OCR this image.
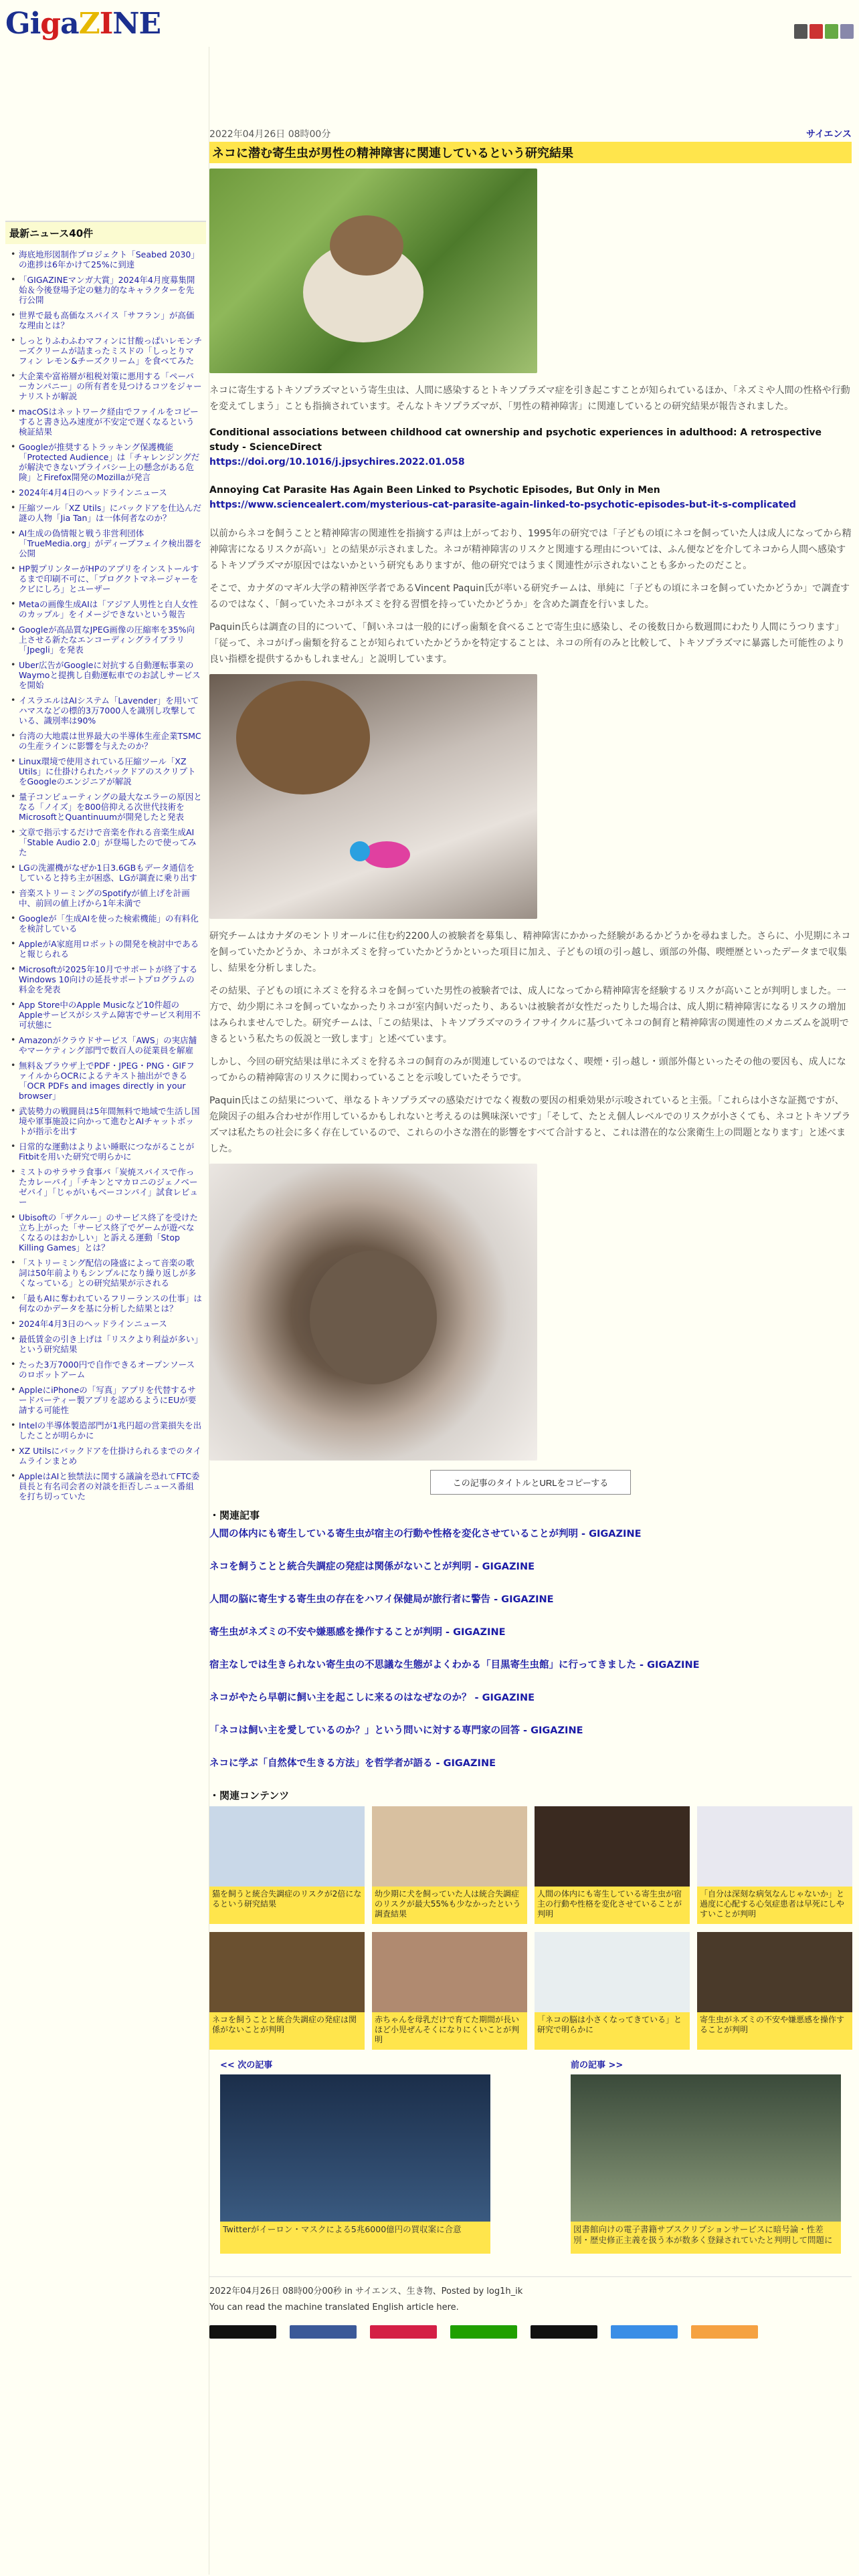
GigaZINE
最新ニュース40件
• 海底地形図制作プロジェクト「Seabed 2030」の進捗は6年かけて25%に到達
• 「GIGAZINEマンガ大賞」2024年4月度募集開始＆今後登場予定の魅力的なキャラクターを先行公開
• 世界で最も高価なスパイス「サフラン」が高価な理由とは？
• しっとりふわふわマフィンに甘酸っぱいレモンチーズクリームが詰まったミスドの「しっとりマフィン レモン&チーズクリーム」を食べてみた
• 大企業や富裕層が租税対策に悪用する「ペーパーカンパニー」の所有者を見つけるコツをジャーナリストが解説
• macOSはネットワーク経由でファイルをコピーすると書き込み速度が不安定で遅くなるという検証結果
• Googleが推奨するトラッキング保護機能「Protected Audience」は「チャレンジングだが解決できないプライバシー上の懸念がある危険」とFirefox開発のMozillaが発言
• 2024年4月4日のヘッドラインニュース
• 圧縮ツール「XZ Utils」にバックドアを仕込んだ謎の人物「Jia Tan」は一体何者なのか？
• AI生成の偽情報と戦う非営利団体「TrueMedia.org」がディープフェイク検出器を公開
• HP製プリンターがHPのアプリをインストールするまで印刷不可に、「プログクトマネージャーをクビにしろ」とユーザー
• Metaの画像生成AIは「アジア人男性と白人女性のカップル」をイメージできないという報告
• Googleが高品質なJPEG画像の圧縮率を35%向上させる新たなエンコーディングライブラリ「Jpegli」を発表
• Uber広告がGoogleに対抗する自動運転事業のWaymoと提携し自動運転車でのお試しサービスを開始
• イスラエルはAIシステム「Lavender」を用いてハマスなどの標的3万7000人を識別し攻撃している、識別率は90%
• 台湾の大地震は世界最大の半導体生産企業TSMCの生産ラインに影響を与えたのか？
• Linux環境で使用されている圧縮ツール「XZ Utils」に仕掛けられたバックドアのスクリプトをGoogleのエンジニアが解説
• 量子コンピューティングの最大なエラーの原因となる「ノイズ」を800倍抑える次世代技術をMicrosoftとQuantinuumが開発したと発表
• 文章で指示するだけで音楽を作れる音楽生成AI「Stable Audio 2.0」が登場したので使ってみた
• LGの洗濯機がなぜか1日3.6GBもデータ通信をしていると持ち主が困惑、LGが調査に乗り出す
• 音楽ストリーミングのSpotifyが値上げを計画中、前回の値上げから1年未満で
• Googleが「生成AIを使った検索機能」の有料化を検討している
• AppleがA家庭用ロボットの開発を検討中であると報じられる
• Microsoftが2025年10月でサポートが終了するWindows 10向けの延長サポートプログラムの料金を発表
• App Store中のApple Musicなど10件超のAppleサービスがシステム障害でサービス利用不可状態に
• Amazonがクラウドサービス「AWS」の実店舗やマーケティング部門で数百人の従業員を解雇
• 無料＆ブラウザ上でPDF・JPEG・PNG・GIFファイルからOCRによるテキスト抽出ができる「OCR PDFs and images directly in your browser」
• 武装勢力の戦闘員は5年間無料で地域で生活し国境や軍事施設に向かって進むとAIチャットボットが指示を出す
• 日常的な運動はよりよい睡眠につながることがFitbitを用いた研究で明らかに
• ミストのサラサラ食事パ「炭焼スパイスで作ったカレーパイ」「チキンとマカロニのジェノベーゼパイ」「じゃがいもベーコンパイ」試食レビュー
• Ubisoftの「ザクルー」のサービス終了を受けた立ち上がった「サービス終了でゲームが遊べなくなるのはおかしい」と訴える運動「Stop Killing Games」とは？
• 「ストリーミング配信の隆盛によって音楽の歌詞は50年前よりもシンプルになり繰り返しが多くなっている」との研究結果が示される
• 「最もAIに奪われているフリーランスの仕事」は何なのかデータを基に分析した結果とは？
• 2024年4月3日のヘッドラインニュース
• 最低賃金の引き上げは「リスクより利益が多い」という研究結果
• たった3万7000円で自作できるオープンソースのロボットアーム
• AppleにiPhoneの「写真」アプリを代替するサードパーティー製アプリを認めるようにEUが要請する可能性
• Intelの半導体製造部門が1兆円超の営業損失を出したことが明らかに
• XZ Utilsにバックドアを仕掛けられるまでのタイムラインまとめ
• AppleはAIと独禁法に関する議論を恐れてFTC委員長と有名司会者の対談を拒否しニュース番組を打ち切っていた
2022年04月26日 08時00分	サイエンス
ネコに潜む寄生虫が男性の精神障害に関連しているという研究結果

ネコに寄生するトキソプラズマという寄生虫は、人間に感染するとトキソプラズマ症を引き起こすことが知られているほか、「ネズミや人間の性格や行動を変えてしまう」ことも指摘されています。そんなトキソプラズマが、「男性の精神障害」に関連しているとの研究結果が報告されました。

Conditional associations between childhood cat ownership and psychotic experiences in adulthood: A retrospective study - ScienceDirect
https://doi.org/10.1016/j.jpsychires.2022.01.058
Annoying Cat Parasite Has Again Been Linked to Psychotic Episodes, But Only in Men
https://www.sciencealert.com/mysterious-cat-parasite-again-linked-to-psychotic-episodes-but-it-s-complicated

以前からネコを飼うことと精神障害の関連性を指摘する声は上がっており、1995年の研究では「子どもの頃にネコを飼っていた人は成人になってから精神障害になるリスクが高い」との結果が示されました。ネコが精神障害のリスクと関連する理由については、ふん便などを介してネコから人間へ感染するトキソプラズマが原因ではないかという研究もありますが、他の研究ではうまく関連性が示されないことも多かったのだこと。

そこで、カナダのマギル大学の精神医学者であるVincent Paquin氏が率いる研究チームは、単純に「子どもの頃にネコを飼っていたかどうか」で調査するのではなく、「飼っていたネコがネズミを狩る習慣を持っていたかどうか」を含めた調査を行いました。

Paquin氏らは調査の目的について、「飼いネコは一般的にげっ歯類を食べることで寄生虫に感染し、その後数日から数週間にわたり人間にうつります」「従って、ネコがげっ歯類を狩ることが知られていたかどうかを特定することは、ネコの所有のみと比較して、トキソプラズマに暴露した可能性のより良い指標を提供するかもしれません」と説明しています。

研究チームはカナダのモントリオールに住む約2200人の被験者を募集し、精神障害にかかった経験があるかどうかを尋ねました。さらに、小児期にネコを飼っていたかどうか、ネコがネズミを狩っていたかどうかといった項目に加え、子どもの頃の引っ越し、頭部の外傷、喫煙歴といったデータまで収集し、結果を分析しました。

その結果、子どもの頃にネズミを狩るネコを飼っていた男性の被験者では、成人になってから精神障害を経験するリスクが高いことが判明しました。一方で、幼少期にネコを飼っていなかったりネコが室内飼いだったり、あるいは被験者が女性だったりした場合は、成人期に精神障害になるリスクの増加はみられませんでした。研究チームは、「この結果は、トキソプラズマのライフサイクルに基づいてネコの飼育と精神障害の関連性のメカニズムを説明できるという私たちの仮説と一致します」と述べています。

しかし、今回の研究結果は単にネズミを狩るネコの飼育のみが関連しているのではなく、喫煙・引っ越し・頭部外傷といったその他の要因も、成人になってからの精神障害のリスクに関わっていることを示唆していたそうです。

Paquin氏はこの結果について、単なるトキソプラズマの感染だけでなく複数の要因の相乗効果が示唆されていると主張。「これらは小さな証拠ですが、危険因子の組み合わせが作用しているかもしれないと考えるのは興味深いです」「そして、たとえ個人レベルでのリスクが小さくても、ネコとトキソプラズマは私たちの社会に多く存在しているので、これらの小さな潜在的影響をすべて合計すると、これは潜在的な公衆衛生上の問題となります」と述べました。

この記事のタイトルとURLをコピーする
・関連記事
人間の体内にも寄生している寄生虫が宿主の行動や性格を変化させていることが判明 - GIGAZINE
ネコを飼うことと統合失調症の発症は関係がないことが判明 - GIGAZINE
人間の脳に寄生する寄生虫の存在をハワイ保健局が旅行者に警告 - GIGAZINE
寄生虫がネズミの不安や嫌悪感を操作することが判明 - GIGAZINE
宿主なしでは生きられない寄生虫の不思議な生態がよくわかる「目黒寄生虫館」に行ってきました - GIGAZINE
ネコがやたら早朝に飼い主を起こしに来るのはなぜなのか？ - GIGAZINE
「ネコは飼い主を愛しているのか？」という問いに対する専門家の回答 - GIGAZINE
ネコに学ぶ「自然体で生きる方法」を哲学者が語る - GIGAZINE
・関連コンテンツ
猫を飼うと統合失調症のリスクが2倍になるという研究結果
幼少期に犬を飼っていた人は統合失調症のリスクが最大55%も少なかったという調査結果
人間の体内にも寄生している寄生虫が宿主の行動や性格を変化させていることが判明
「自分は深刻な病気なんじゃないか」と過度に心配する心気症患者は早死にしやすいことが判明
ネコを飼うことと統合失調症の発症は関係がないことが判明
赤ちゃんを母乳だけで育てた期間が長いほど小児ぜんそくになりにくいことが判明
「ネコの脳は小さくなってきている」と研究で明らかに
寄生虫がネズミの不安や嫌悪感を操作することが判明
<< 次の記事
Twitterがイーロン・マスクによる5兆6000億円の買収案に合意
前の記事 >>
図書館向けの電子書籍サブスクリプションサービスに暗号論・性差別・歴史修正主義を扱う本が数多く登録されていたと判明して問題に
2022年04月26日 08時00分00秒 in サイエンス、生き物、Posted by log1h_ik
You can read the machine translated English article here.
